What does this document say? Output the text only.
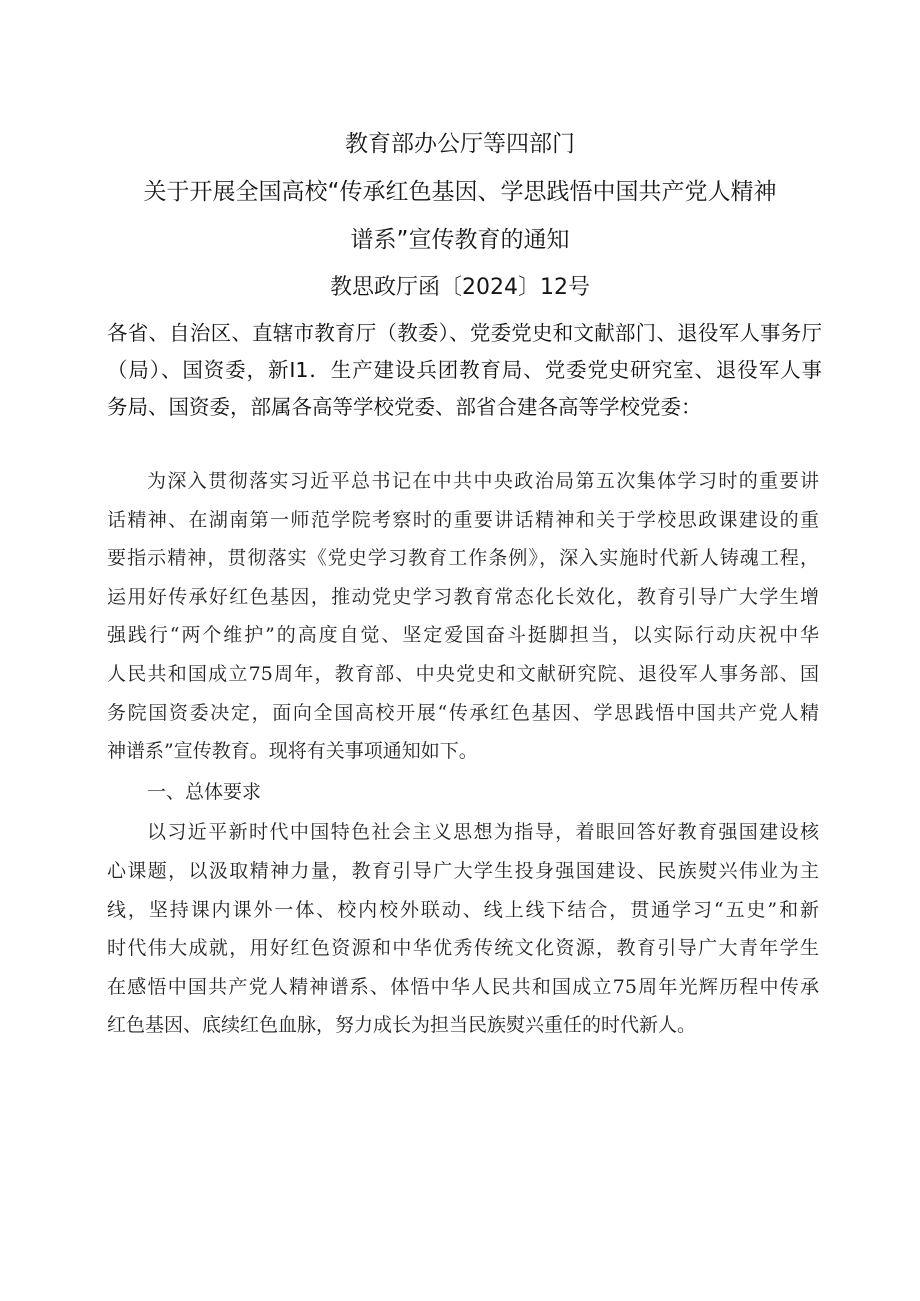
教育部办公厅等四部门
关于开展全国高校“传承红色基因、学思践悟中国共产党人精神
谱系”宣传教育的通知
教思政厅函〔2024〕12号
各省、自治区、直辖市教育厅（教委）、党委党史和文献部门、退役军人事务厅
（局）、国资委，新I1．生产建设兵团教育局、党委党史研究室、退役军人事
务局、国资委，部属各高等学校党委、部省合建各高等学校党委：
为深入贯彻落实习近平总书记在中共中央政治局第五次集体学习时的重要讲
话精神、在湖南第一师范学院考察时的重要讲话精神和关于学校思政课建设的重
要指示精神，贯彻落实《党史学习教育工作条例》，深入实施时代新人铸魂工程，
运用好传承好红色基因，推动党史学习教育常态化长效化，教育引导广大学生增
强践行“两个维护”的高度自觉、坚定爱国奋斗挺脚担当，以实际行动庆祝中华
人民共和国成立75周年，教育部、中央党史和文献研究院、退役军人事务部、国
务院国资委决定，面向全国高校开展“传承红色基因、学思践悟中国共产党人精
神谱系”宣传教育。现将有关事项通知如下。
一、总体要求
以习近平新时代中国特色社会主义思想为指导，着眼回答好教育强国建设核
心课题，以汲取精神力量，教育引导广大学生投身强国建设、民族熨兴伟业为主
线，坚持课内课外一体、校内校外联动、线上线下结合，贯通学习“五史”和新
时代伟大成就，用好红色资源和中华优秀传统文化资源，教育引导广大青年学生
在感悟中国共产党人精神谱系、体悟中华人民共和国成立75周年光辉历程中传承
红色基因、底续红色血脉，努力成长为担当民族熨兴重任的时代新人。
